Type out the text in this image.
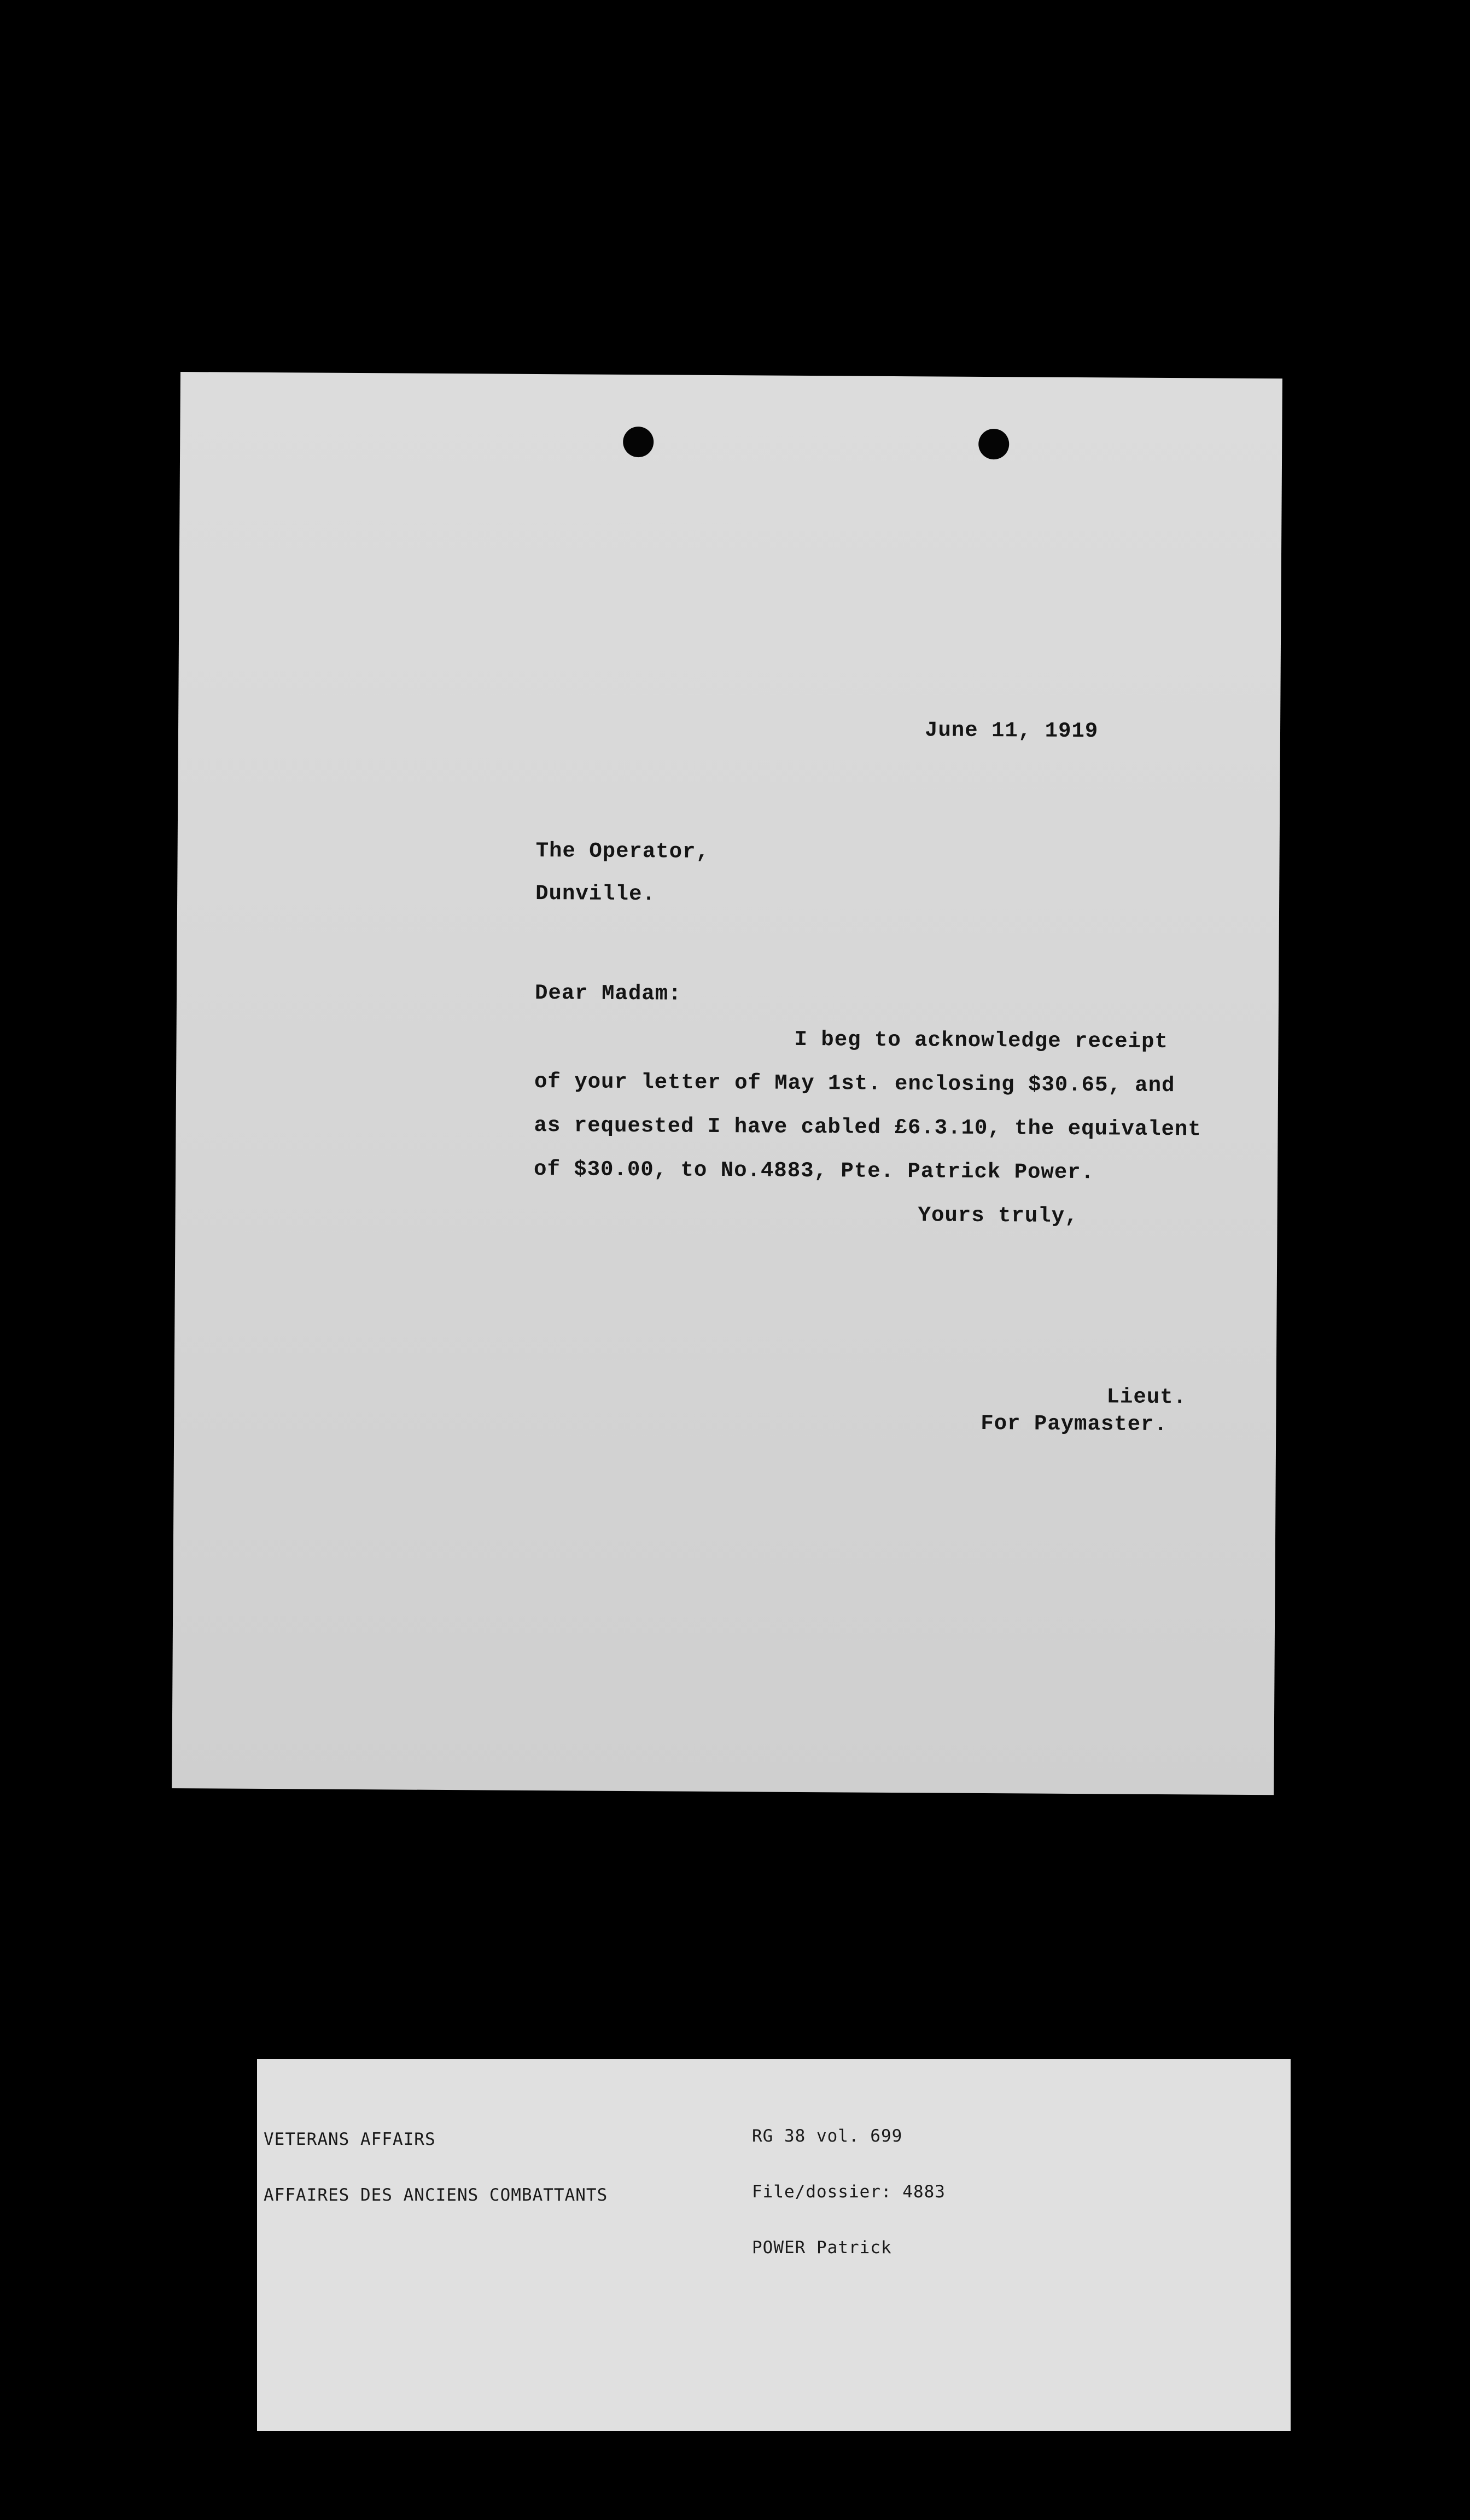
June 11, 1919
The Operator,
Dunville.
Dear Madam:
I beg to acknowledge receipt
of your letter of May 1st. enclosing $30.65, and
as requested I have cabled £6.3.10, the equivalent
of $30.00, to No.4883, Pte. Patrick Power.
Yours truly,
Lieut.
For Paymaster.

VETERANS AFFAIRS

AFFAIRES DES ANCIENS COMBATTANTS

RG 38 vol. 699

File/dossier: 4883

POWER Patrick
